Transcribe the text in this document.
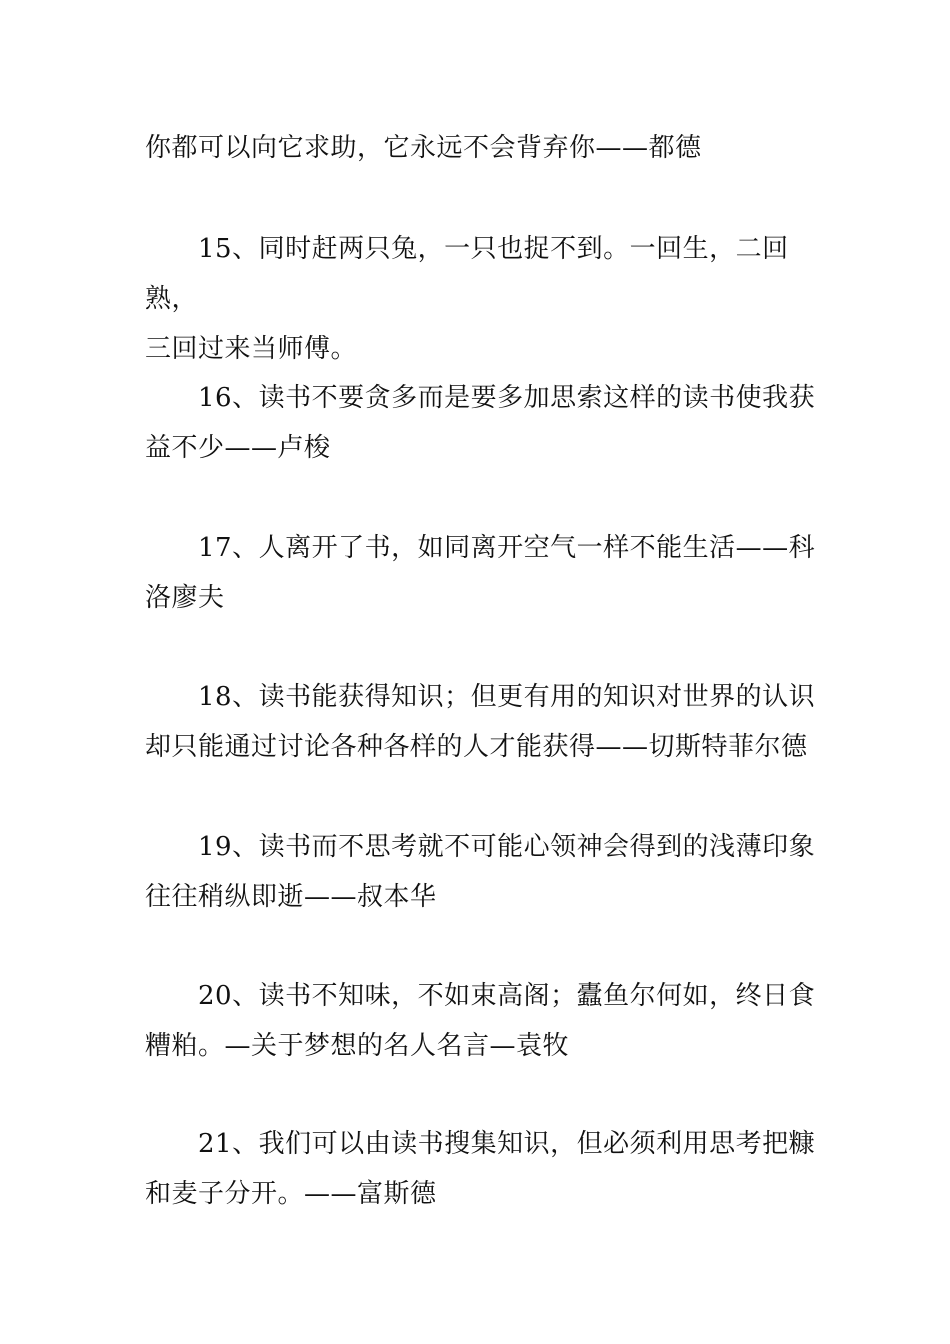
你都可以向它求助，它永远不会背弃你——都德

15、同时赶两只兔，一只也捉不到。一回生，二回熟，
三回过来当师傅。

16、读书不要贪多而是要多加思索这样的读书使我获
益不少——卢梭

17、人离开了书，如同离开空气一样不能生活——科
洛廖夫

18、读书能获得知识；但更有用的知识对世界的认识
却只能通过讨论各种各样的人才能获得——切斯特菲尔德

19、读书而不思考就不可能心领神会得到的浅薄印象
往往稍纵即逝——叔本华

20、读书不知味，不如束高阁；蠹鱼尔何如，终日食
糟粕。—关于梦想的名人名言—袁牧

21、我们可以由读书搜集知识，但必须利用思考把糠
和麦子分开。——富斯德
